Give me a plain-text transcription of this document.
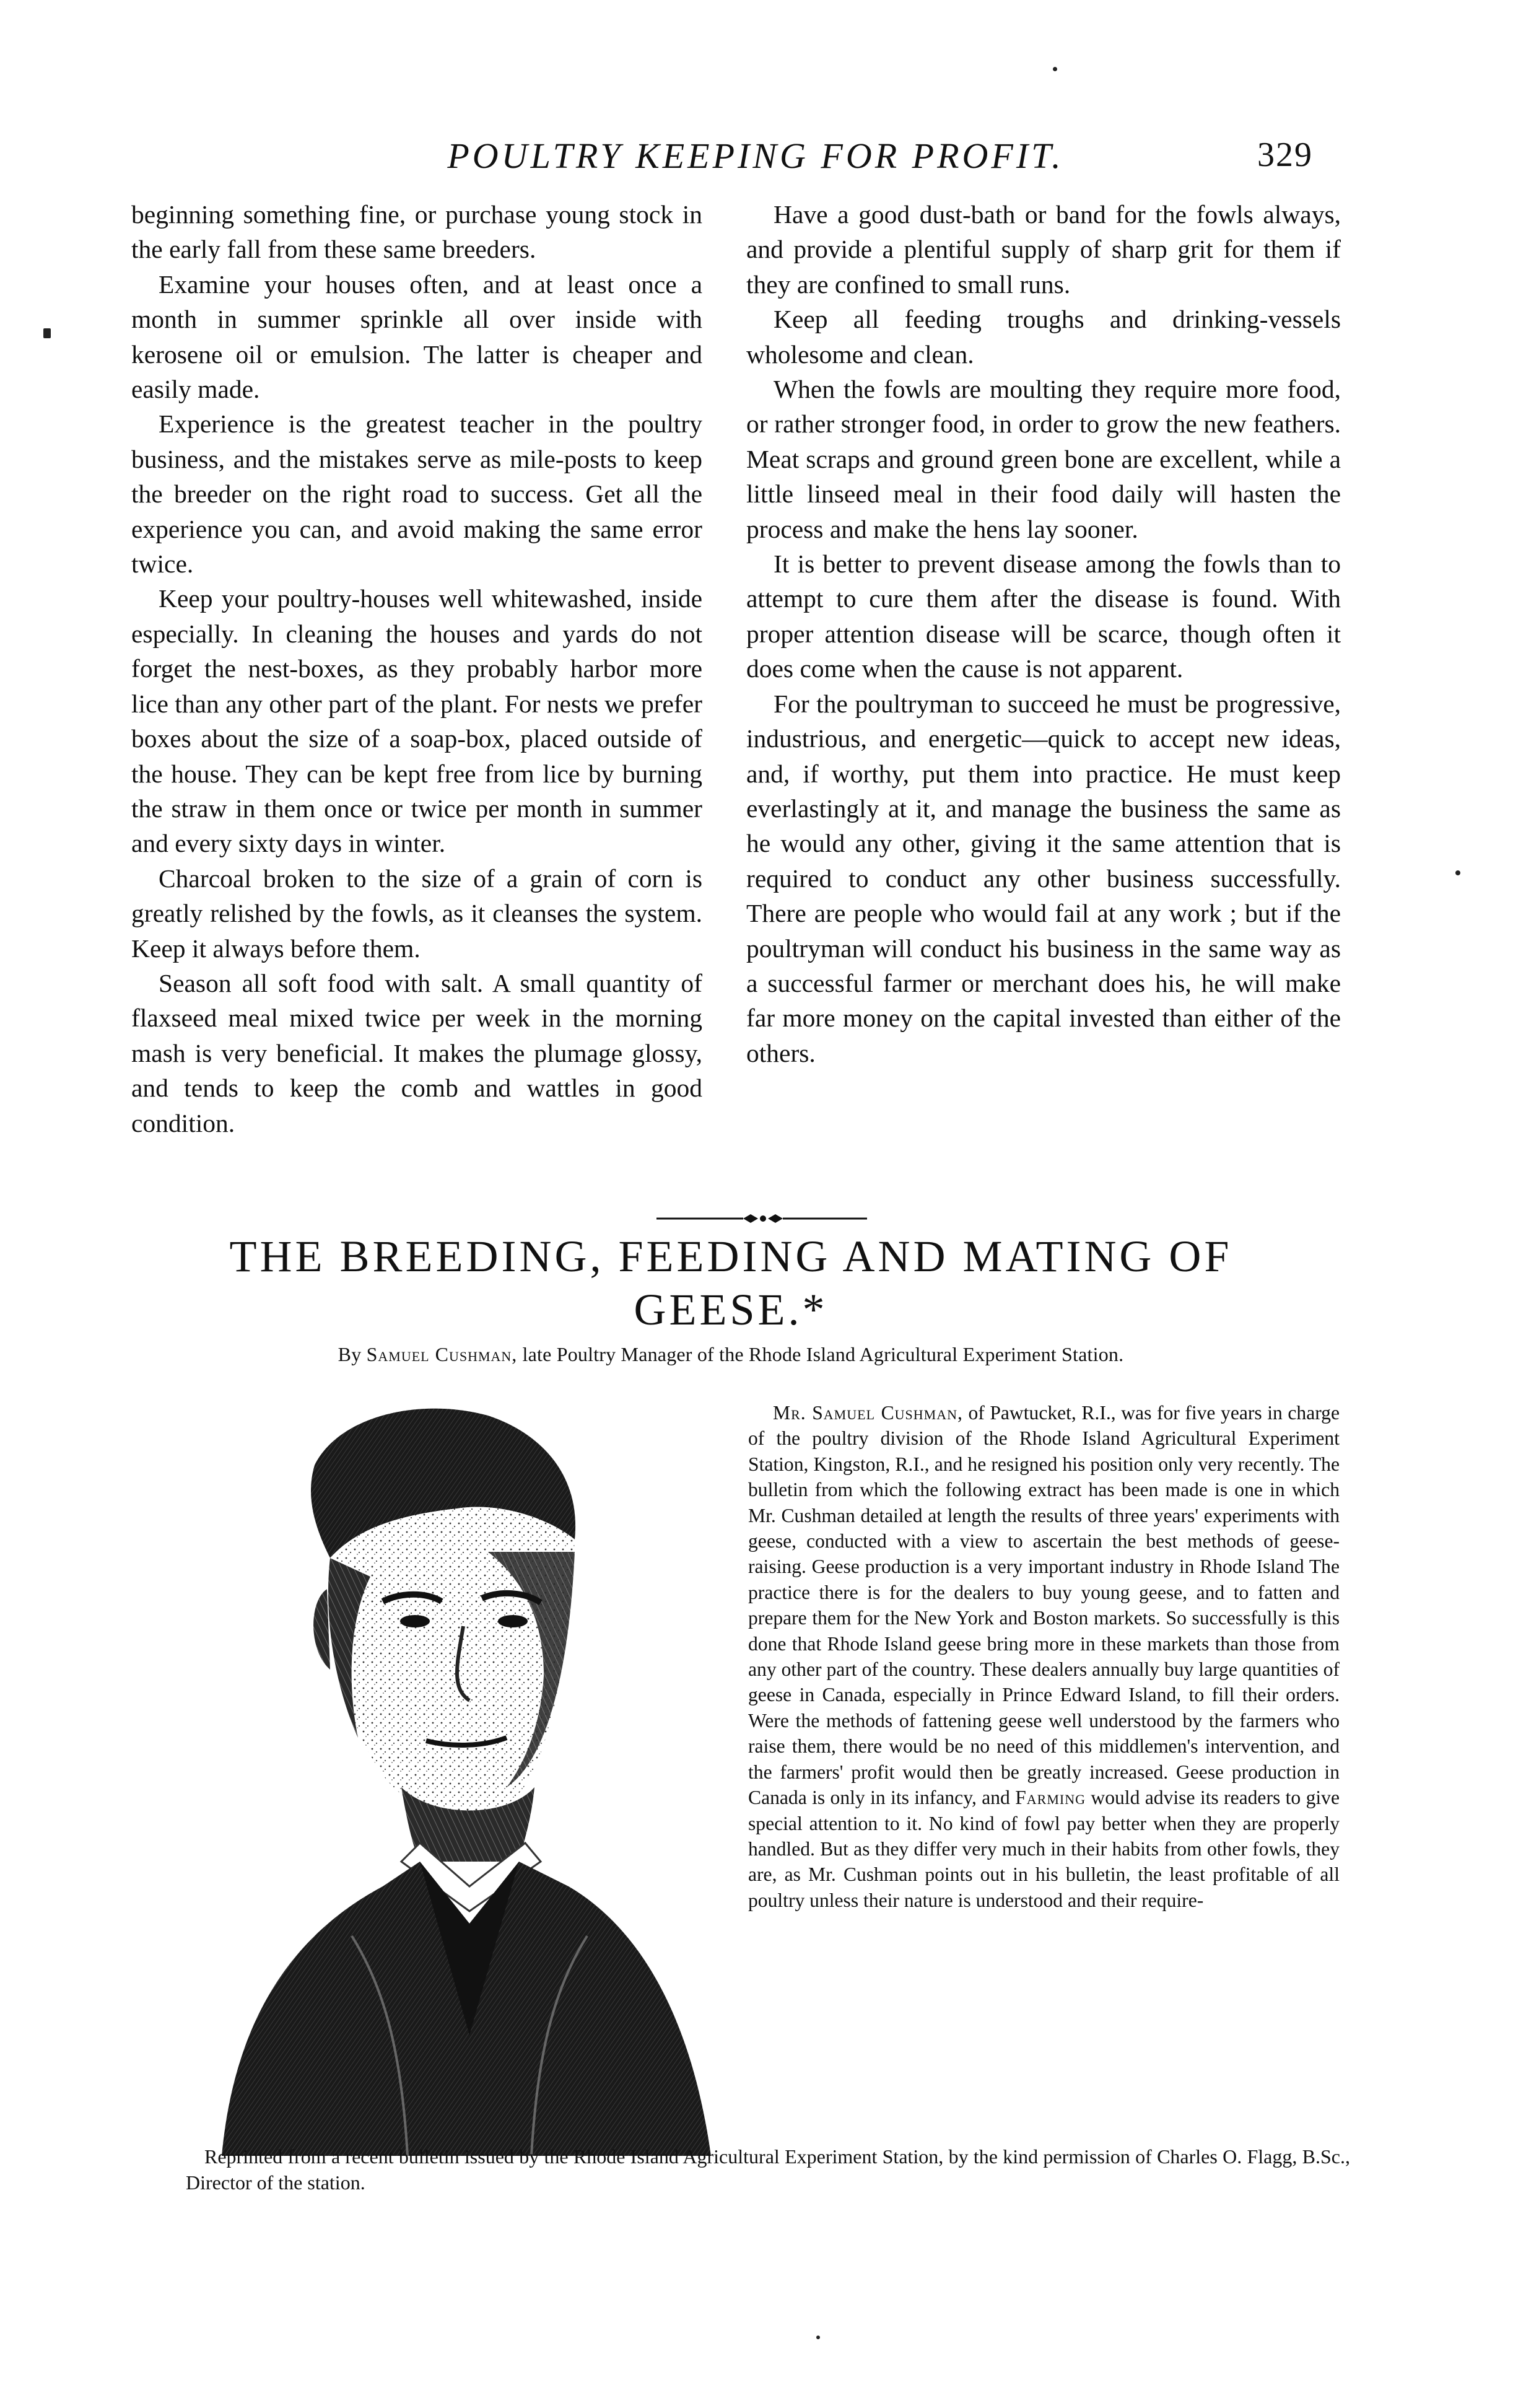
POULTRY KEEPING FOR PROFIT.	329

beginning something fine, or purchase young stock in the early fall from these same breeders.

Examine your houses often, and at least once a month in summer sprinkle all over inside with kerosene oil or emulsion. The latter is cheaper and easily made.

Experience is the greatest teacher in the poultry business, and the mistakes serve as mile-posts to keep the breeder on the right road to success. Get all the experience you can, and avoid making the same error twice.

Keep your poultry-houses well whitewashed, inside especially. In cleaning the houses and yards do not forget the nest-boxes, as they probably harbor more lice than any other part of the plant. For nests we prefer boxes about the size of a soap-box, placed outside of the house. They can be kept free from lice by burning the straw in them once or twice per month in summer and every sixty days in winter.

Charcoal broken to the size of a grain of corn is greatly relished by the fowls, as it cleanses the system. Keep it always before them.

Season all soft food with salt. A small quantity of flaxseed meal mixed twice per week in the morning mash is very beneficial. It makes the plumage glossy, and tends to keep the comb and wattles in good condition.

Have a good dust-bath or band for the fowls always, and provide a plentiful supply of sharp grit for them if they are confined to small runs.

Keep all feeding troughs and drinking-vessels wholesome and clean.

When the fowls are moulting they require more food, or rather stronger food, in order to grow the new feathers. Meat scraps and ground green bone are excellent, while a little linseed meal in their food daily will hasten the process and make the hens lay sooner.

It is better to prevent disease among the fowls than to attempt to cure them after the disease is found. With proper attention disease will be scarce, though often it does come when the cause is not apparent.

For the poultryman to succeed he must be progressive, industrious, and energetic—quick to accept new ideas, and, if worthy, put them into practice. He must keep everlastingly at it, and manage the business the same as he would any other, giving it the same attention that is required to conduct any other business successfully. There are people who would fail at any work ; but if the poultryman will conduct his business in the same way as a successful farmer or merchant does his, he will make far more money on the capital invested than either of the others.

THE BREEDING, FEEDING AND MATING OF GEESE.*
By Samuel Cushman, late Poultry Manager of the Rhode Island Agricultural Experiment Station.

Mr. Samuel Cushman, of Pawtucket, R.I., was for five years in charge of the poultry division of the Rhode Island Agricultural Experiment Station, Kingston, R.I., and he resigned his position only very recently. The bulletin from which the following extract has been made is one in which Mr. Cushman detailed at length the results of three years' experiments with geese, conducted with a view to ascertain the best methods of geese-raising. Geese production is a very important industry in Rhode Island The practice there is for the dealers to buy young geese, and to fatten and prepare them for the New York and Boston markets. So successfully is this done that Rhode Island geese bring more in these markets than those from any other part of the country. These dealers annually buy large quantities of geese in Canada, especially in Prince Edward Island, to fill their orders. Were the methods of fattening geese well understood by the farmers who raise them, there would be no need of this middlemen's intervention, and the farmers' profit would then be greatly increased. Geese production in Canada is only in its infancy, and Farming would advise its readers to give special attention to it. No kind of fowl pay better when they are properly handled. But as they differ very much in their habits from other fowls, they are, as Mr. Cushman points out in his bulletin, the least profitable of all poultry unless their nature is understood and their require-

Reprinted from a recent bulletin issued by the Rhode Island Agricultural Experiment Station, by the kind permission of Charles O. Flagg, B.Sc., Director of the station.
